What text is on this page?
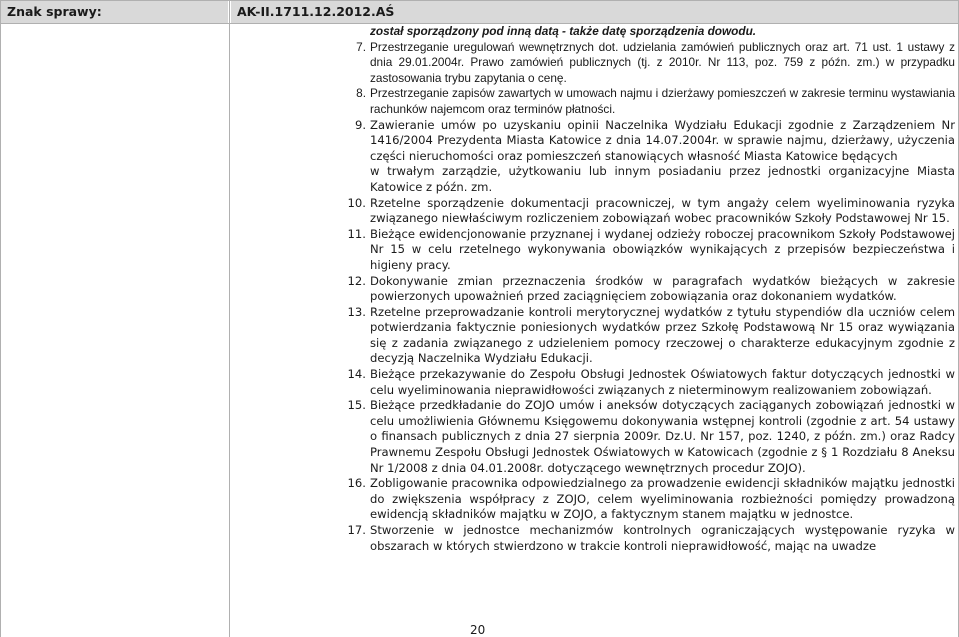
Znak sprawy:	AK-II.1711.12.2012.AŚ
został sporządzony pod inną datą - także datę sporządzenia dowodu.
7. Przestrzeganie uregulowań wewnętrznych dot. udzielania zamówień publicznych oraz art. 71 ust. 1 ustawy z dnia 29.01.2004r. Prawo zamówień publicznych (tj. z 2010r. Nr 113, poz. 759 z późn. zm.) w przypadku zastosowania trybu zapytania o cenę.
8. Przestrzeganie zapisów zawartych w umowach najmu i dzierżawy pomieszczeń w zakresie terminu wystawiania rachunków najemcom oraz terminów płatności.
9. Zawieranie umów po uzyskaniu opinii Naczelnika Wydziału Edukacji zgodnie z Zarządzeniem Nr 1416/2004 Prezydenta Miasta Katowice z dnia 14.07.2004r. w sprawie najmu, dzierżawy, użyczenia części nieruchomości oraz pomieszczeń stanowiących własność Miasta Katowice będących
w trwałym zarządzie, użytkowaniu lub innym posiadaniu przez jednostki organizacyjne Miasta Katowice z późn. zm.
10. Rzetelne sporządzenie dokumentacji pracowniczej, w tym angaży celem wyeliminowania ryzyka związanego niewłaściwym rozliczeniem zobowiązań wobec pracowników Szkoły Podstawowej Nr 15.
11. Bieżące ewidencjonowanie przyznanej i wydanej odzieży roboczej pracownikom Szkoły Podstawowej Nr 15 w celu rzetelnego wykonywania obowiązków wynikających z przepisów bezpieczeństwa i higieny pracy.
12. Dokonywanie zmian przeznaczenia środków w paragrafach wydatków bieżących w zakresie powierzonych upoważnień przed zaciągnięciem zobowiązania oraz dokonaniem wydatków.
13. Rzetelne przeprowadzanie kontroli merytorycznej wydatków z tytułu stypendiów dla uczniów celem potwierdzania faktycznie poniesionych wydatków przez Szkołę Podstawową Nr 15 oraz wywiązania się z zadania związanego z udzieleniem pomocy rzeczowej o charakterze edukacyjnym zgodnie z decyzją Naczelnika Wydziału Edukacji.
14. Bieżące przekazywanie do Zespołu Obsługi Jednostek Oświatowych faktur dotyczących jednostki w celu wyeliminowania nieprawidłowości związanych z nieterminowym realizowaniem zobowiązań.
15. Bieżące przedkładanie do ZOJO umów i aneksów dotyczących zaciąganych zobowiązań jednostki w celu umożliwienia Głównemu Księgowemu dokonywania wstępnej kontroli (zgodnie z art. 54 ustawy o finansach publicznych z dnia 27 sierpnia 2009r. Dz.U. Nr 157, poz. 1240, z późn. zm.) oraz Radcy Prawnemu Zespołu Obsługi Jednostek Oświatowych w Katowicach (zgodnie z § 1 Rozdziału 8 Aneksu Nr 1/2008 z dnia 04.01.2008r. dotyczącego wewnętrznych procedur ZOJO).
16. Zobligowanie pracownika odpowiedzialnego za prowadzenie ewidencji składników majątku jednostki do zwiększenia współpracy z ZOJO, celem wyeliminowania rozbieżności pomiędzy prowadzoną ewidencją składników majątku w ZOJO, a faktycznym stanem majątku w jednostce.
17. Stworzenie w jednostce mechanizmów kontrolnych ograniczających występowanie ryzyka w obszarach w których stwierdzono w trakcie kontroli nieprawidłowość, mając na uwadze
20
